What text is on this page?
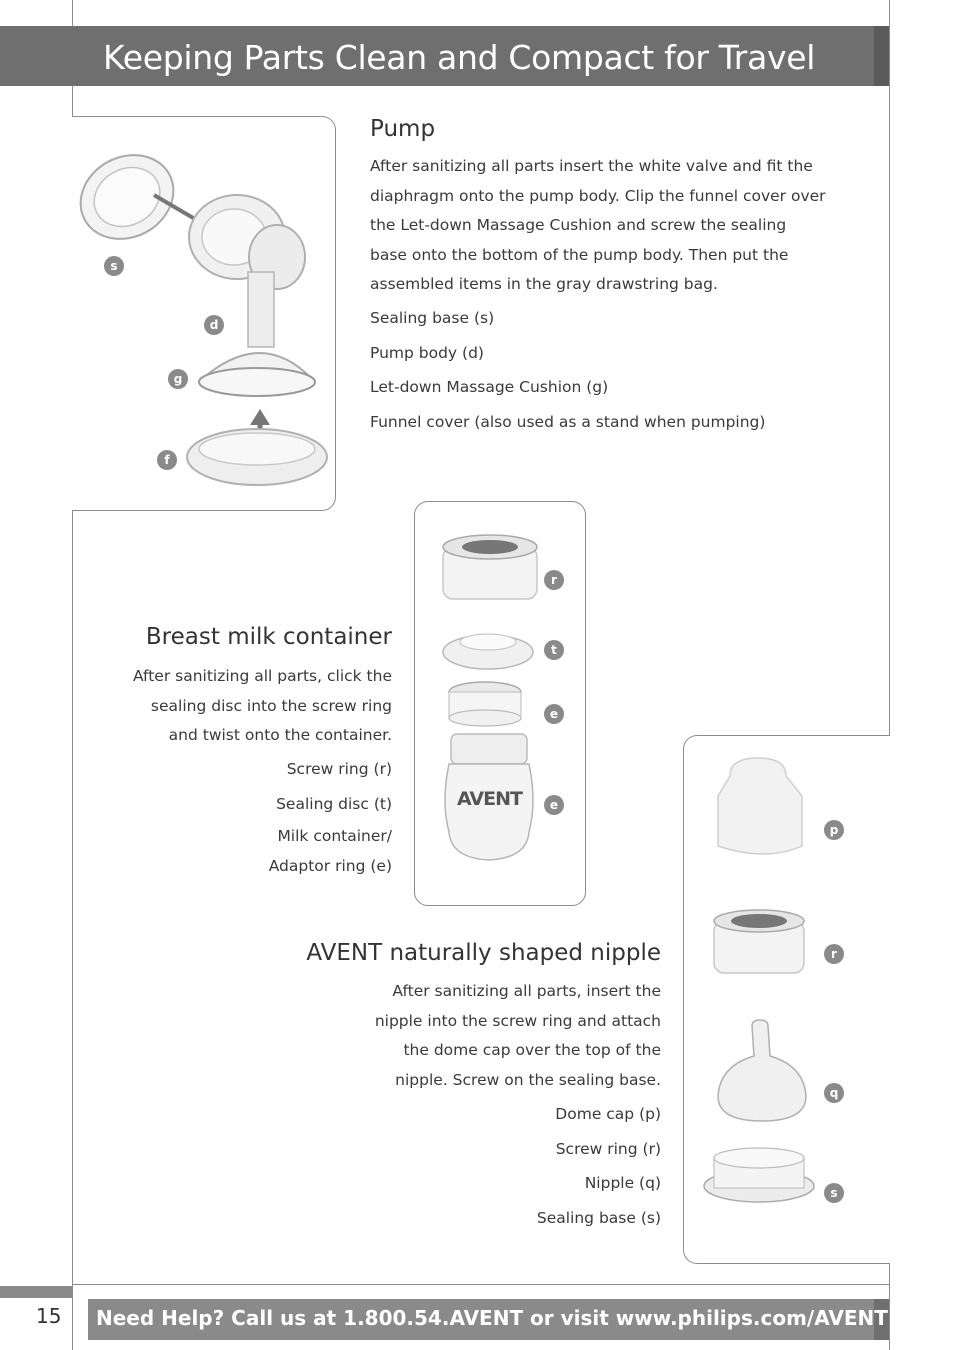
Keeping Parts Clean and Compact for Travel
s
d
g
f
Pump
After sanitizing all parts insert the white valve and fit the
diaphragm onto the pump body. Clip the funnel cover over
the Let-down Massage Cushion and screw the sealing
base onto the bottom of the pump body. Then put the
assembled items in the gray drawstring bag.
Sealing base (s)
Pump body (d)
Let-down Massage Cushion (g)
Funnel cover (also used as a stand when pumping)
AVENT
r
t
e
e
Breast milk container
After sanitizing all parts, click the
sealing disc into the screw ring
and twist onto the container.
Screw ring (r)
Sealing disc (t)
Milk container/
Adaptor ring (e)
p
r
q
s
AVENT naturally shaped nipple
After sanitizing all parts, insert the
nipple into the screw ring and attach
the dome cap over the top of the
nipple. Screw on the sealing base.
Dome cap (p)
Screw ring (r)
Nipple (q)
Sealing base (s)
15 Need Help? Call us at 1.800.54.AVENT or visit www.philips.com/AVENT
